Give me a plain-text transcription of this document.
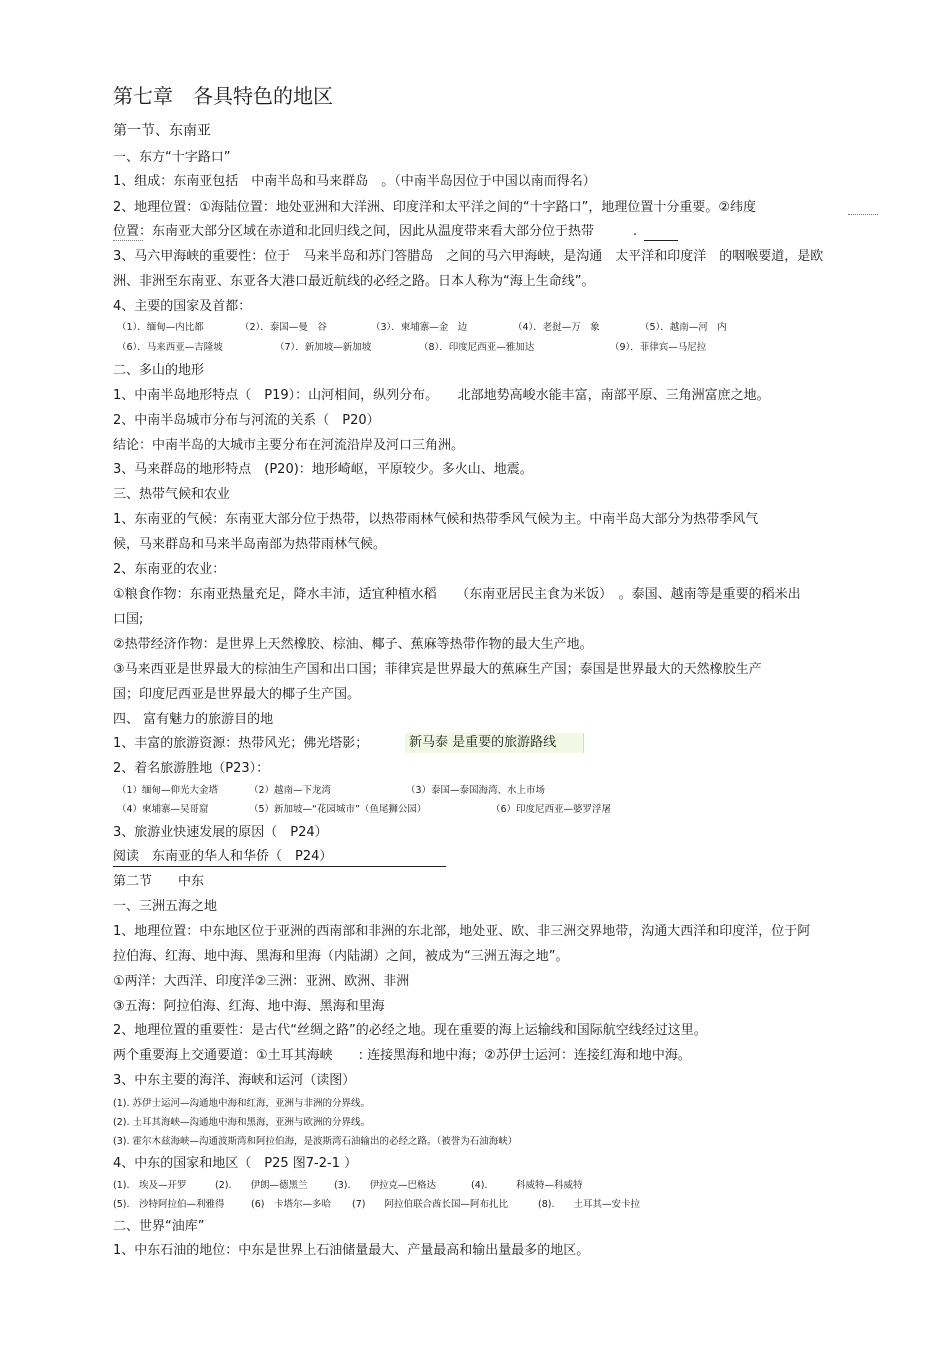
第七章　各具特色的地区
第一节、东南亚
一、东方“十字路口”
1、组成：东南亚包括　中南半岛和马来群岛　。（中南半岛因位于中国以南而得名）
2、地理位置：①海陆位置：地处亚洲和大洋洲、印度洋和太平洋之间的“十字路口”，地理位置十分重要。②纬度
位置：东南亚大部分区域在赤道和北回归线之间，因此从温度带来看大部分位于热带　　　.
3、马六甲海峡的重要性：位于　马来半岛和苏门答腊岛　之间的马六甲海峡，是沟通　太平洋和印度洋　的咽喉要道，是欧
洲、非洲至东南亚、东亚各大港口最近航线的必经之路。日本人称为“海上生命线”。
4、主要的国家及首都：
（1）．缅甸—内比都	（2）．泰国—曼　谷	（3）．柬埔寨—金　边	（4）．老挝—万　象	（5）．越南—河　内
（6）．马来西亚—吉隆坡	（7）．新加坡—新加坡	（8）．印度尼西亚—雅加达	（9）．菲律宾—马尼拉
二、多山的地形
1、中南半岛地形特点（　P19）：山河相间，纵列分布。　　北部地势高峻水能丰富，南部平原、三角洲富庶之地。
2、中南半岛城市分布与河流的关系（　P20）
结论：中南半岛的大城市主要分布在河流沿岸及河口三角洲。
3、马来群岛的地形特点　(P20)：地形崎岖，平原较少。多火山、地震。
三、热带气候和农业
1、东南亚的气候：东南亚大部分位于热带，以热带雨林气候和热带季风气候为主。中南半岛大部分为热带季风气
候，马来群岛和马来半岛南部为热带雨林气候。
2、东南亚的农业：
①粮食作物：东南亚热量充足，降水丰沛，适宜种植水稻　　（东南亚居民主食为米饭）　。泰国、越南等是重要的稻米出
口国;
②热带经济作物：是世界上天然橡胶、棕油、椰子、蕉麻等热带作物的最大生产地。
③马来西亚是世界最大的棕油生产国和出口国；菲律宾是世界最大的蕉麻生产国；泰国是世界最大的天然橡胶生产
国；印度尼西亚是世界最大的椰子生产国。
四、 富有魅力的旅游目的地
1、丰富的旅游资源：热带风光；佛光塔影；	新马泰 是重要的旅游路线
2、着名旅游胜地（P23）：
（1）缅甸—仰光大金塔	（2）越南—下龙湾	（3）泰国—泰国海湾、水上市场
（4）柬埔寨—吴哥窟	（5）新加坡—“花园城市”（鱼尾狮公园）	（6）印度尼西亚—婆罗浮屠
3、旅游业快速发展的原因（　P24）
阅读　东南亚的华人和华侨（　P24）
第二节　　中东
一、三洲五海之地
1、地理位置：中东地区位于亚洲的西南部和非洲的东北部，地处亚、欧、非三洲交界地带，沟通大西洋和印度洋，位于阿
拉伯海、红海、地中海、黑海和里海（内陆湖）之间，被成为“三洲五海之地”。
①两洋：大西洋、印度洋②三洲：亚洲、欧洲、非洲
③五海：阿拉伯海、红海、地中海、黑海和里海
2、地理位置的重要性：是古代“丝绸之路”的必经之地。现在重要的海上运输线和国际航空线经过这里。
两个重要海上交通要道：①土耳其海峡　　: 连接黑海和地中海；②苏伊士运河：连接红海和地中海。
3、中东主要的海洋、海峡和运河（读图）
(1). 苏伊士运河—沟通地中海和红海，亚洲与非洲的分界线。
(2). 土耳其海峡—沟通地中海和黑海，亚洲与欧洲的分界线。
(3). 霍尔木兹海峡—沟通波斯湾和阿拉伯海，是波斯湾石油输出的必经之路。（被誉为石油海峡）
4、中东的国家和地区（　P25 图7-2-1 ）
(1).　埃及—开罗	(2).　　伊朗—德黑兰	(3).　　伊拉克—巴格达	(4).　　　科威特—科威特
(5).　沙特阿拉伯—利雅得	(6)　卡塔尔—多哈 (7)　　阿拉伯联合酋长国—阿布扎比	(8).　　土耳其—安卡拉
二、世界“油库”
1、中东石油的地位：中东是世界上石油储量最大、产量最高和输出量最多的地区。
